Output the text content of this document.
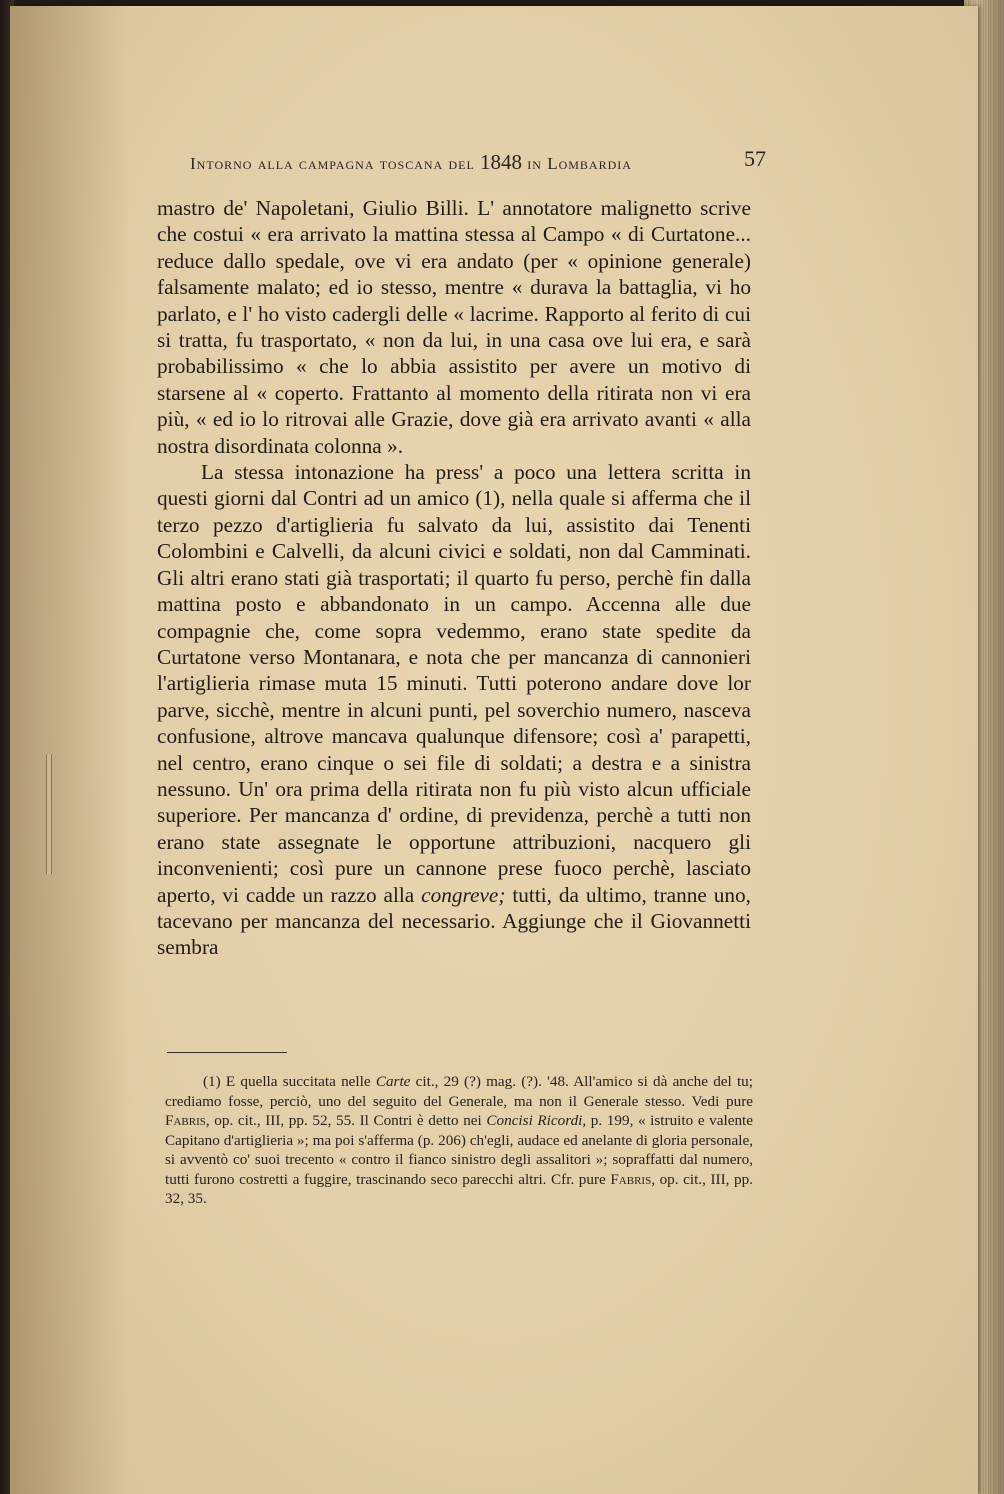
Intorno alla campagna toscana del 1848 in Lombardia	57

mastro de' Napoletani, Giulio Billi. L' annotatore malignetto scrive che costui « era arrivato la mattina stessa al Campo « di Curtatone... reduce dallo spedale, ove vi era andato (per « opinione generale) falsamente malato; ed io stesso, mentre « durava la battaglia, vi ho parlato, e l' ho visto cadergli delle « lacrime. Rapporto al ferito di cui si tratta, fu trasportato, « non da lui, in una casa ove lui era, e sarà probabilissimo « che lo abbia assistito per avere un motivo di starsene al « coperto. Frattanto al momento della ritirata non vi era più, « ed io lo ritrovai alle Grazie, dove già era arrivato avanti « alla nostra disordinata colonna ».

La stessa intonazione ha press' a poco una lettera scritta in questi giorni dal Contri ad un amico (1), nella quale si afferma che il terzo pezzo d'artiglieria fu salvato da lui, assistito dai Tenenti Colombini e Calvelli, da alcuni civici e soldati, non dal Camminati. Gli altri erano stati già trasportati; il quarto fu perso, perchè fin dalla mattina posto e abbandonato in un campo. Accenna alle due compagnie che, come sopra vedemmo, erano state spedite da Curtatone verso Montanara, e nota che per mancanza di cannonieri l'artiglieria rimase muta 15 minuti. Tutti poterono andare dove lor parve, sicchè, mentre in alcuni punti, pel soverchio numero, nasceva confusione, altrove mancava qualunque difensore; così a' parapetti, nel centro, erano cinque o sei file di soldati; a destra e a sinistra nessuno. Un' ora prima della ritirata non fu più visto alcun ufficiale superiore. Per mancanza d' ordine, di previdenza, perchè a tutti non erano state assegnate le opportune attribuzioni, nacquero gli inconvenienti; così pure un cannone prese fuoco perchè, lasciato aperto, vi cadde un razzo alla congreve; tutti, da ultimo, tranne uno, tacevano per mancanza del necessario. Aggiunge che il Giovannetti sembra

(1) E quella succitata nelle Carte cit., 29 (?) mag. (?). '48. All'amico si dà anche del tu; crediamo fosse, perciò, uno del seguito del Generale, ma non il Generale stesso. Vedi pure Fabris, op. cit., III, pp. 52, 55. Il Contri è detto nei Concisi Ricordi, p. 199, « istruito e valente Capitano d'artiglieria »; ma poi s'afferma (p. 206) ch'egli, audace ed anelante di gloria personale, si avventò co' suoi trecento « contro il fianco sinistro degli assalitori »; sopraffatti dal numero, tutti furono costretti a fuggire, trascinando seco parecchi altri. Cfr. pure Fabris, op. cit., III, pp. 32, 35.
